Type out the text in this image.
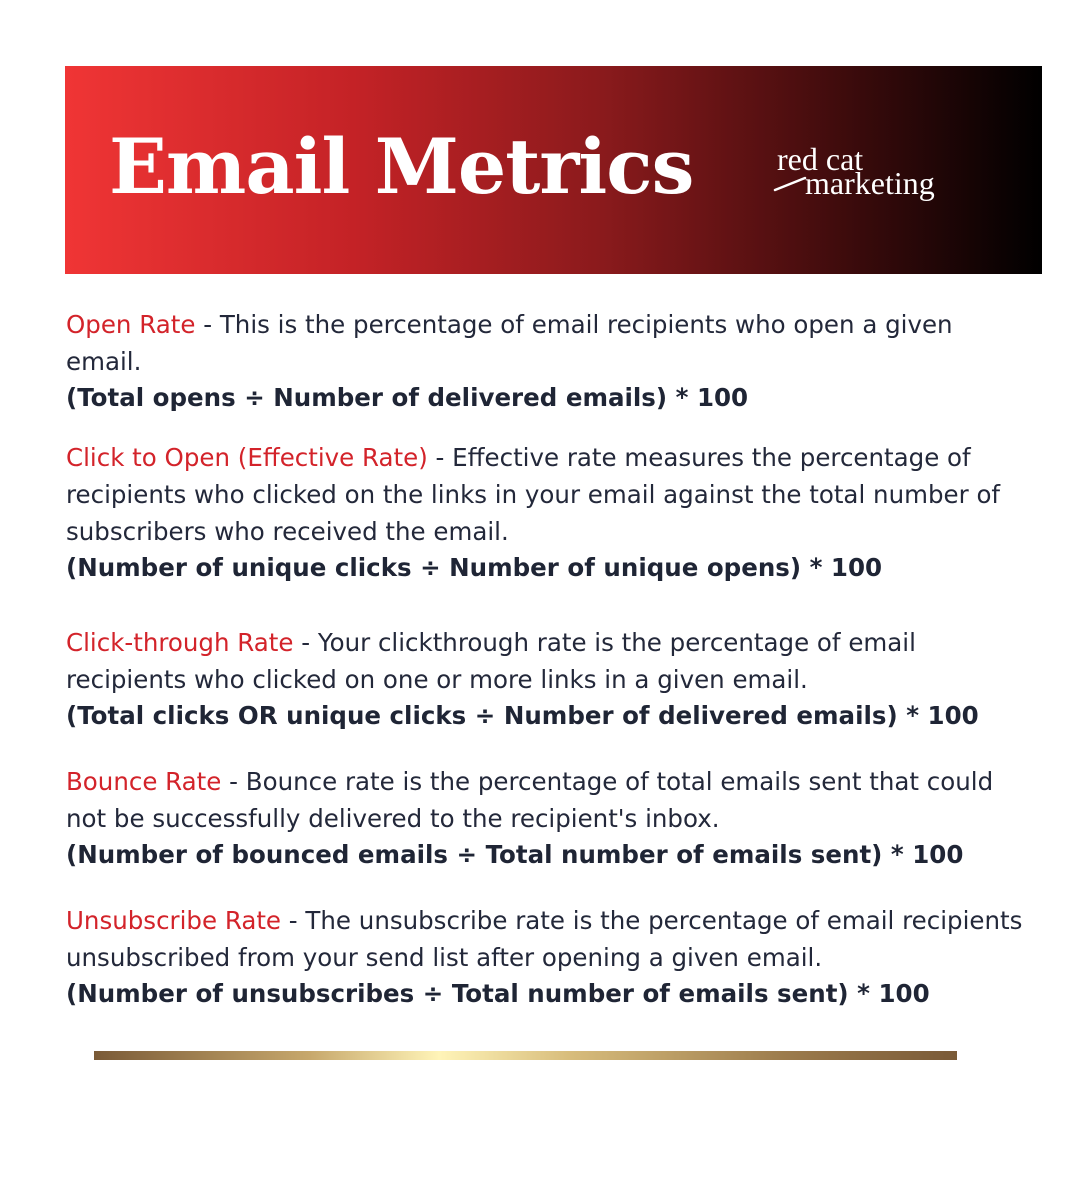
Email Metrics	red cat
marketing
Open Rate - This is the percentage of email recipients who open a given email.
(Total opens ÷ Number of delivered emails) * 100
Click to Open (Effective Rate) - Effective rate measures the percentage of recipients who clicked on the links in your email against the total number of subscribers who received the email.
(Number of unique clicks ÷ Number of unique opens) * 100
Click-through Rate - Your clickthrough rate is the percentage of email recipients who clicked on one or more links in a given email.
(Total clicks OR unique clicks ÷ Number of delivered emails) * 100
Bounce Rate - Bounce rate is the percentage of total emails sent that could not be successfully delivered to the recipient's inbox.
(Number of bounced emails ÷ Total number of emails sent) * 100
Unsubscribe Rate - The unsubscribe rate is the percentage of email recipients unsubscribed from your send list after opening a given email.
(Number of unsubscribes ÷ Total number of emails sent) * 100
